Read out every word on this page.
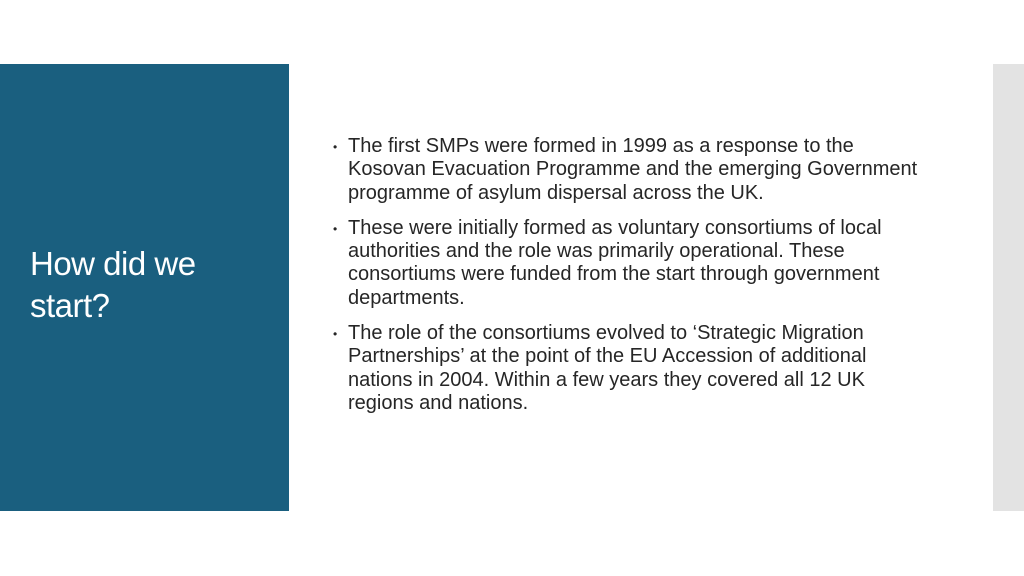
How did we start?
• The first SMPs were formed in 1999 as a response to the Kosovan Evacuation Programme and the emerging Government programme of asylum dispersal across the UK.
• These were initially formed as voluntary consortiums of local authorities and the role was primarily operational. These consortiums were funded from the start through government departments.
• The role of the consortiums evolved to ‘Strategic Migration Partnerships’ at the point of the EU Accession of additional nations in 2004. Within a few years they covered all 12 UK regions and nations.
